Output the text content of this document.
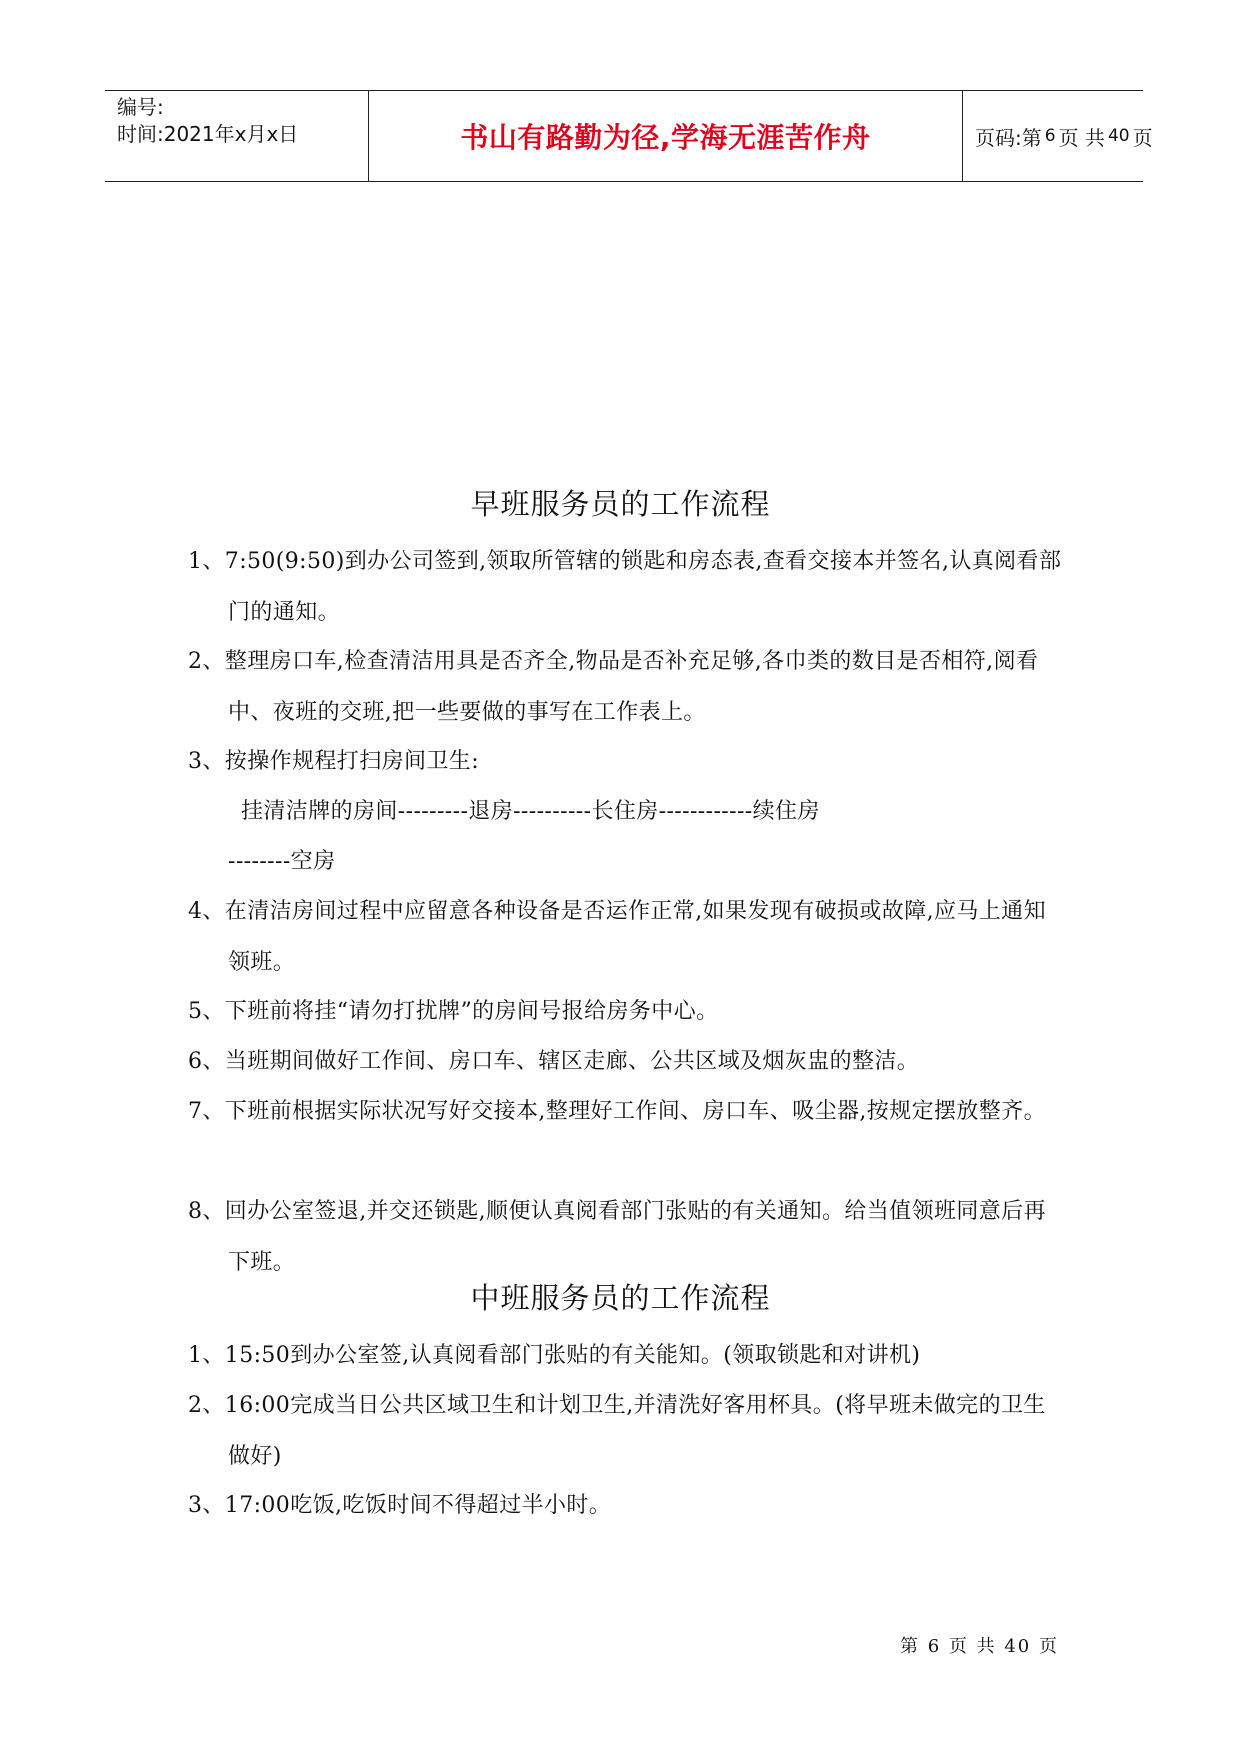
编号:
时间:2021年x月x日	书山有路勤为径,学海无涯苦作舟	页码:第 6 页 共 40 页
早班服务员的工作流程
1、7:50(9:50)到办公司签到,领取所管辖的锁匙和房态表,查看交接本并签名,认真阅看部门的通知。
2、整理房口车,检查清洁用具是否齐全,物品是否补充足够,各巾类的数目是否相符,阅看中、夜班的交班,把一些要做的事写在工作表上。
3、按操作规程打扫房间卫生:
挂清洁牌的房间---------退房----------长住房------------续住房
--------空房
4、在清洁房间过程中应留意各种设备是否运作正常,如果发现有破损或故障,应马上通知领班。
5、下班前将挂“请勿打扰牌”的房间号报给房务中心。
6、当班期间做好工作间、房口车、辖区走廊、公共区域及烟灰盅的整洁。
7、下班前根据实际状况写好交接本,整理好工作间、房口车、吸尘器,按规定摆放整齐。
8、回办公室签退,并交还锁匙,顺便认真阅看部门张贴的有关通知。给当值领班同意后再下班。
中班服务员的工作流程
1、15:50到办公室签,认真阅看部门张贴的有关能知。(领取锁匙和对讲机)
2、16:00完成当日公共区域卫生和计划卫生,并清洗好客用杯具。(将早班未做完的卫生做好)
3、17:00吃饭,吃饭时间不得超过半小时。
第 6 页 共 40 页
